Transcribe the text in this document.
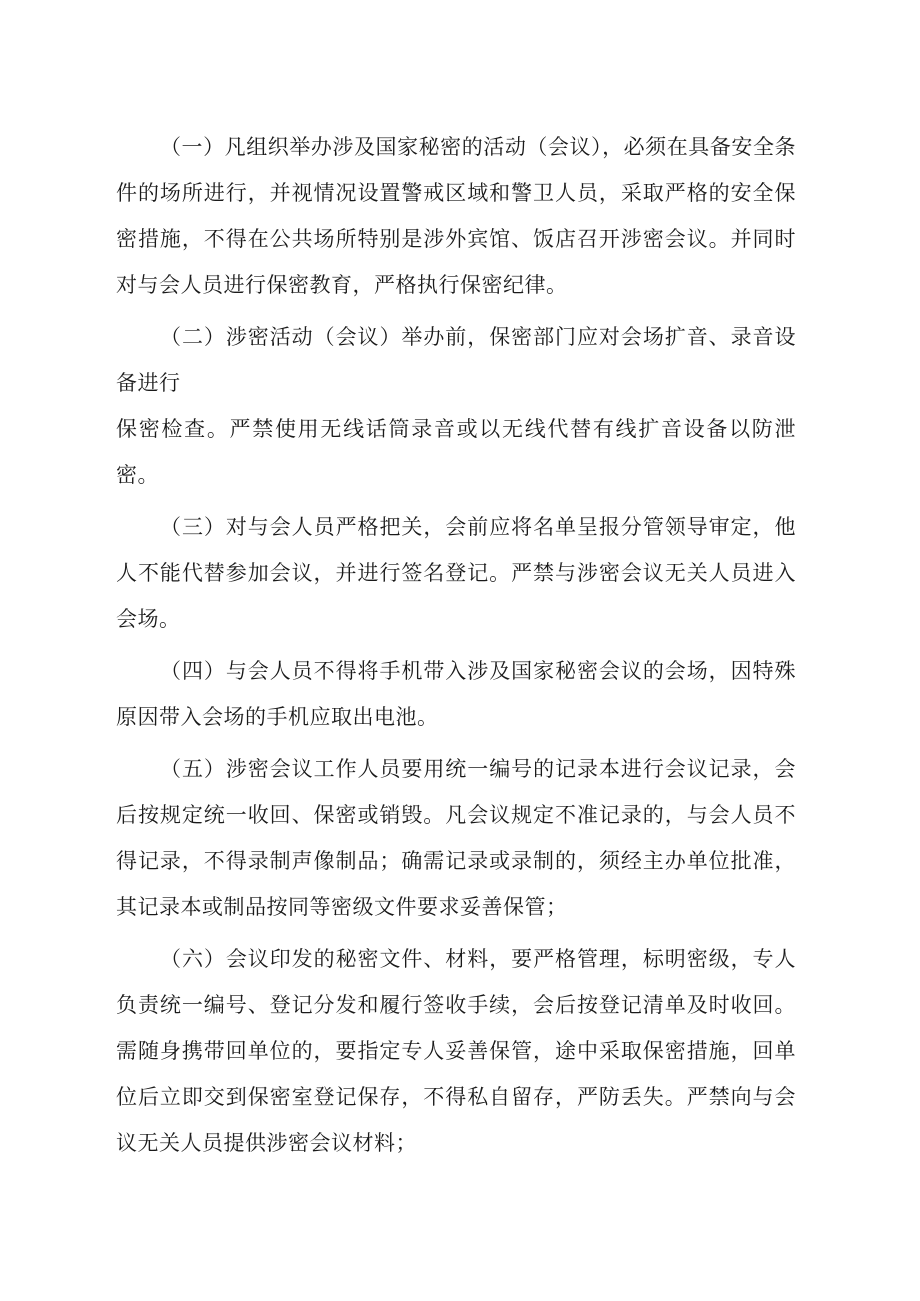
（一）凡组织举办涉及国家秘密的活动（会议），必须在具备安全条件的场所进行，并视情况设置警戒区域和警卫人员，采取严格的安全保密措施，不得在公共场所特别是涉外宾馆、饭店召开涉密会议。并同时对与会人员进行保密教育，严格执行保密纪律。

（二）涉密活动（会议）举办前，保密部门应对会场扩音、录音设备进行

保密检查。严禁使用无线话筒录音或以无线代替有线扩音设备以防泄密。

（三）对与会人员严格把关，会前应将名单呈报分管领导审定，他人不能代替参加会议，并进行签名登记。严禁与涉密会议无关人员进入会场。

（四）与会人员不得将手机带入涉及国家秘密会议的会场，因特殊原因带入会场的手机应取出电池。

（五）涉密会议工作人员要用统一编号的记录本进行会议记录，会后按规定统一收回、保密或销毁。凡会议规定不准记录的，与会人员不得记录，不得录制声像制品；确需记录或录制的，须经主办单位批准，其记录本或制品按同等密级文件要求妥善保管；

（六）会议印发的秘密文件、材料，要严格管理，标明密级，专人负责统一编号、登记分发和履行签收手续，会后按登记清单及时收回。需随身携带回单位的，要指定专人妥善保管，途中采取保密措施，回单位后立即交到保密室登记保存，不得私自留存，严防丢失。严禁向与会议无关人员提供涉密会议材料；
